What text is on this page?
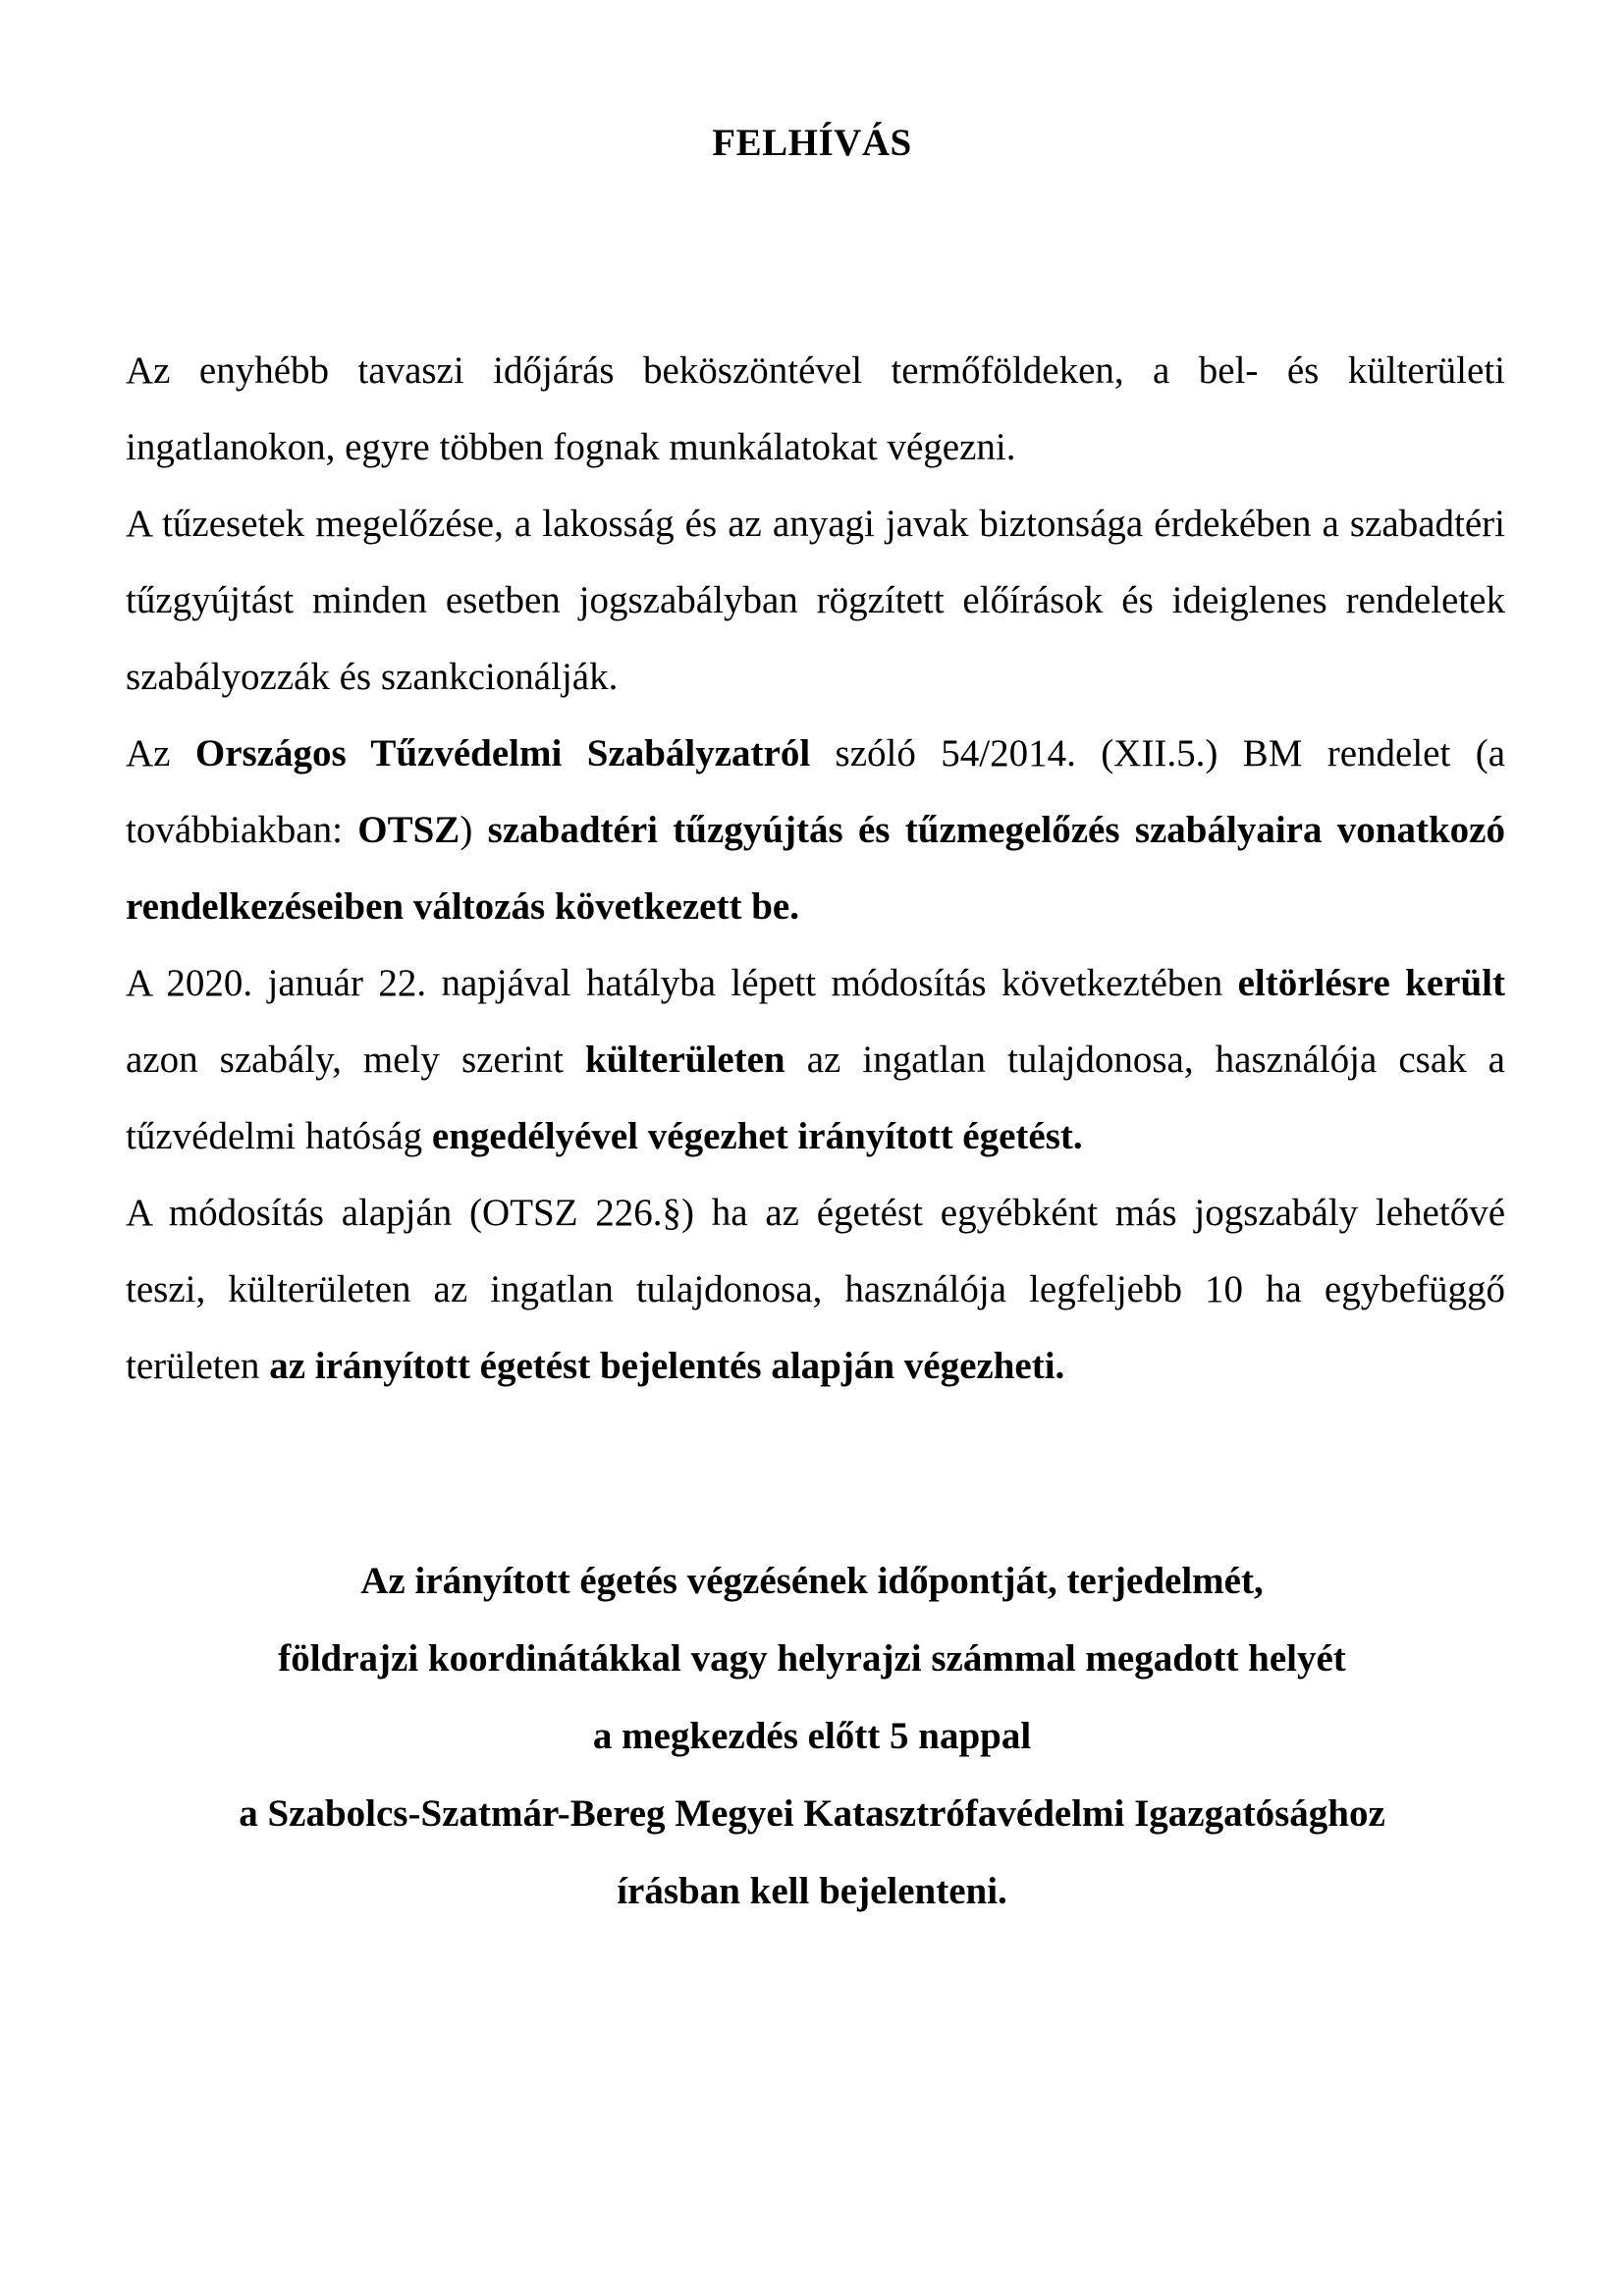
FELHÍVÁS

Az enyhébb tavaszi időjárás beköszöntével termőföldeken, a bel- és külterületi ingatlanokon, egyre többen fognak munkálatokat végezni.

A tűzesetek megelőzése, a lakosság és az anyagi javak biztonsága érdekében a szabadtéri tűzgyújtást minden esetben jogszabályban rögzített előírások és ideiglenes rendeletek szabályozzák és szankcionálják.

Az Országos Tűzvédelmi Szabályzatról szóló 54/2014. (XII.5.) BM rendelet (a továbbiakban: OTSZ) szabadtéri tűzgyújtás és tűzmegelőzés szabályaira vonatkozó rendelkezéseiben változás következett be.

A 2020. január 22. napjával hatályba lépett módosítás következtében eltörlésre került azon szabály, mely szerint külterületen az ingatlan tulajdonosa, használója csak a tűzvédelmi hatóság engedélyével végezhet irányított égetést.

A módosítás alapján (OTSZ 226.§) ha az égetést egyébként más jogszabály lehetővé teszi, külterületen az ingatlan tulajdonosa, használója legfeljebb 10 ha egybefüggő területen az irányított égetést bejelentés alapján végezheti.

Az irányított égetés végzésének időpontját, terjedelmét,
földrajzi koordinátákkal vagy helyrajzi számmal megadott helyét
a megkezdés előtt 5 nappal
a Szabolcs-Szatmár-Bereg Megyei Katasztrófavédelmi Igazgatósághoz
írásban kell bejelenteni.
